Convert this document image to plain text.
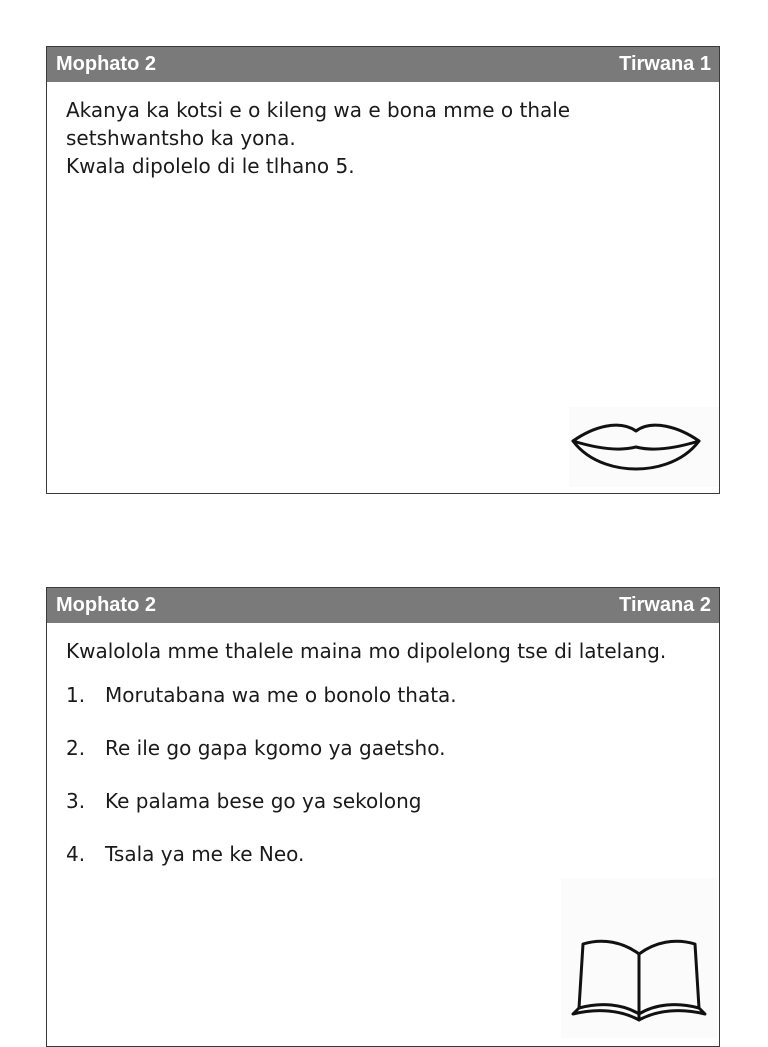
Mophato 2	Tirwana 1

Akanya ka kotsi e o kileng wa e bona mme o thale

setshwantsho ka yona.

Kwala dipolelo di le tlhano 5.

Mophato 2	Tirwana 2

Kwalolola mme thalele maina mo dipolelong tse di latelang.

1. Morutabana wa me o bonolo thata.
2. Re ile go gapa kgomo ya gaetsho.
3. Ke palama bese go ya sekolong
4. Tsala ya me ke Neo.
